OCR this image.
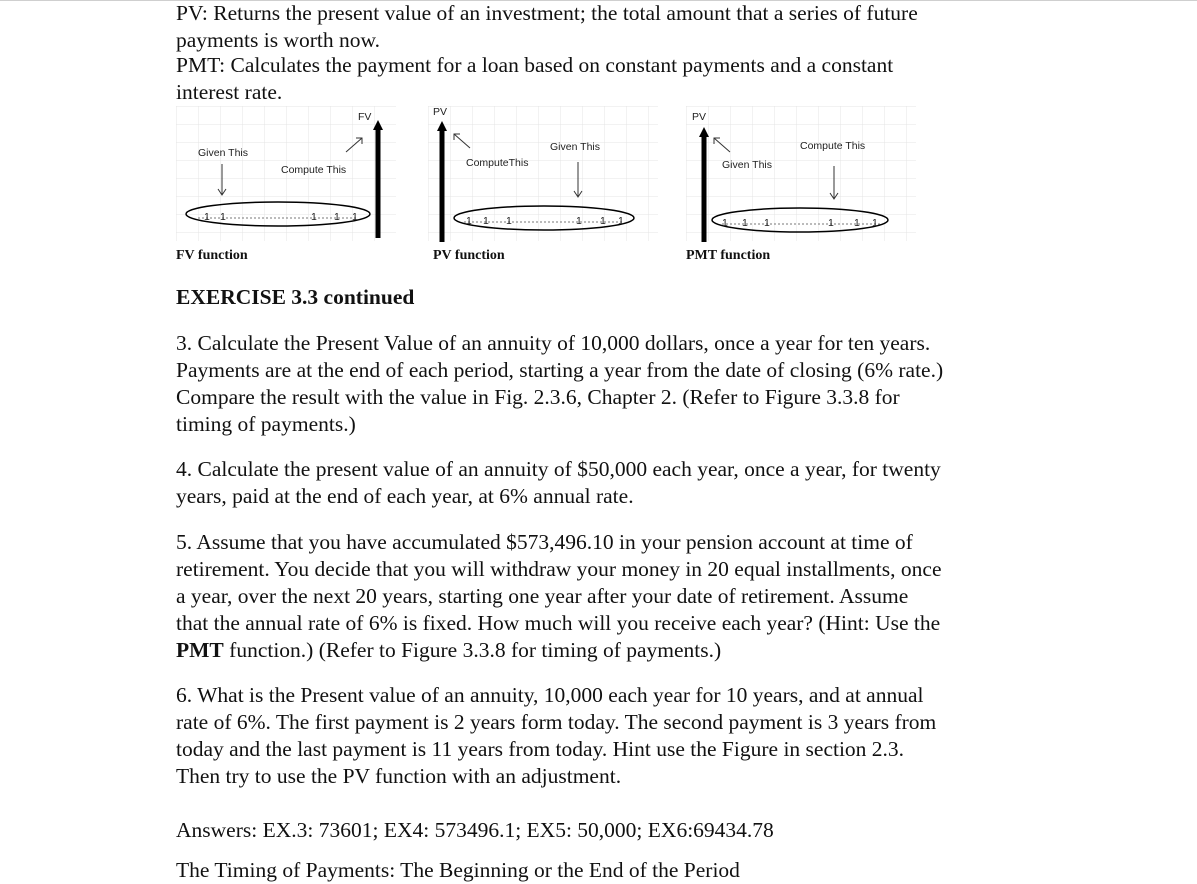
PV: Returns the present value of an investment; the total amount that a series of future
payments is worth now.

PMT: Calculates the payment for a loan based on constant payments and a constant
interest rate.

FV
Given This
Compute This
1 1	1 1 1
PV
ComputeThis
Given This
1 1 1	1 1 1
PV
Given This
Compute This
1 1 1	1 1 1
FV function	PV function	PMT function
EXERCISE 3.3 continued

3. Calculate the Present Value of an annuity of 10,000 dollars, once a year for ten years.
Payments are at the end of each period, starting a year from the date of closing (6% rate.)
Compare the result with the value in Fig. 2.3.6, Chapter 2. (Refer to Figure 3.3.8 for
timing of payments.)

4. Calculate the present value of an annuity of $50,000 each year, once a year, for twenty
years, paid at the end of each year, at 6% annual rate.

5. Assume that you have accumulated $573,496.10 in your pension account at time of
retirement. You decide that you will withdraw your money in 20 equal installments, once
a year, over the next 20 years, starting one year after your date of retirement. Assume
that the annual rate of 6% is fixed. How much will you receive each year? (Hint: Use the
PMT function.) (Refer to Figure 3.3.8 for timing of payments.)

6. What is the Present value of an annuity, 10,000 each year for 10 years, and at annual
rate of 6%. The first payment is 2 years form today. The second payment is 3 years from
today and the last payment is 11 years from today. Hint use the Figure in section 2.3.
Then try to use the PV function with an adjustment.

Answers: EX.3: 73601; EX4: 573496.1; EX5: 50,000; EX6:69434.78
The Timing of Payments: The Beginning or the End of the Period
